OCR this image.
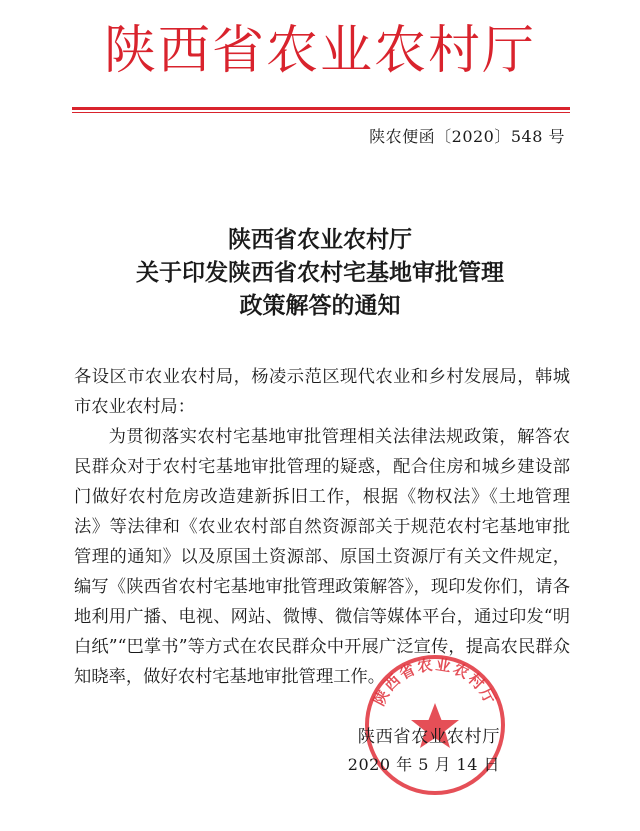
陕西省农业农村厅
陕农便函〔2020〕548 号
陕西省农业农村厅
关于印发陕西省农村宅基地审批管理
政策解答的通知

各设区市农业农村局，杨凌示范区现代农业和乡村发展局，韩城市农业农村局：

为贯彻落实农村宅基地审批管理相关法律法规政策，解答农民群众对于农村宅基地审批管理的疑惑，配合住房和城乡建设部门做好农村危房改造建新拆旧工作，根据《物权法》《土地管理法》等法律和《农业农村部自然资源部关于规范农村宅基地审批管理的通知》以及原国土资源部、原国土资源厅有关文件规定，编写《陕西省农村宅基地审批管理政策解答》，现印发你们，请各地利用广播、电视、网站、微博、微信等媒体平台，通过印发“明白纸”“巴掌书”等方式在农民群众中开展广泛宣传，提高农民群众知晓率，做好农村宅基地审批管理工作。

陕西省农业农村厅
陕西省农业农村厅
2020 年 5 月 14 日
